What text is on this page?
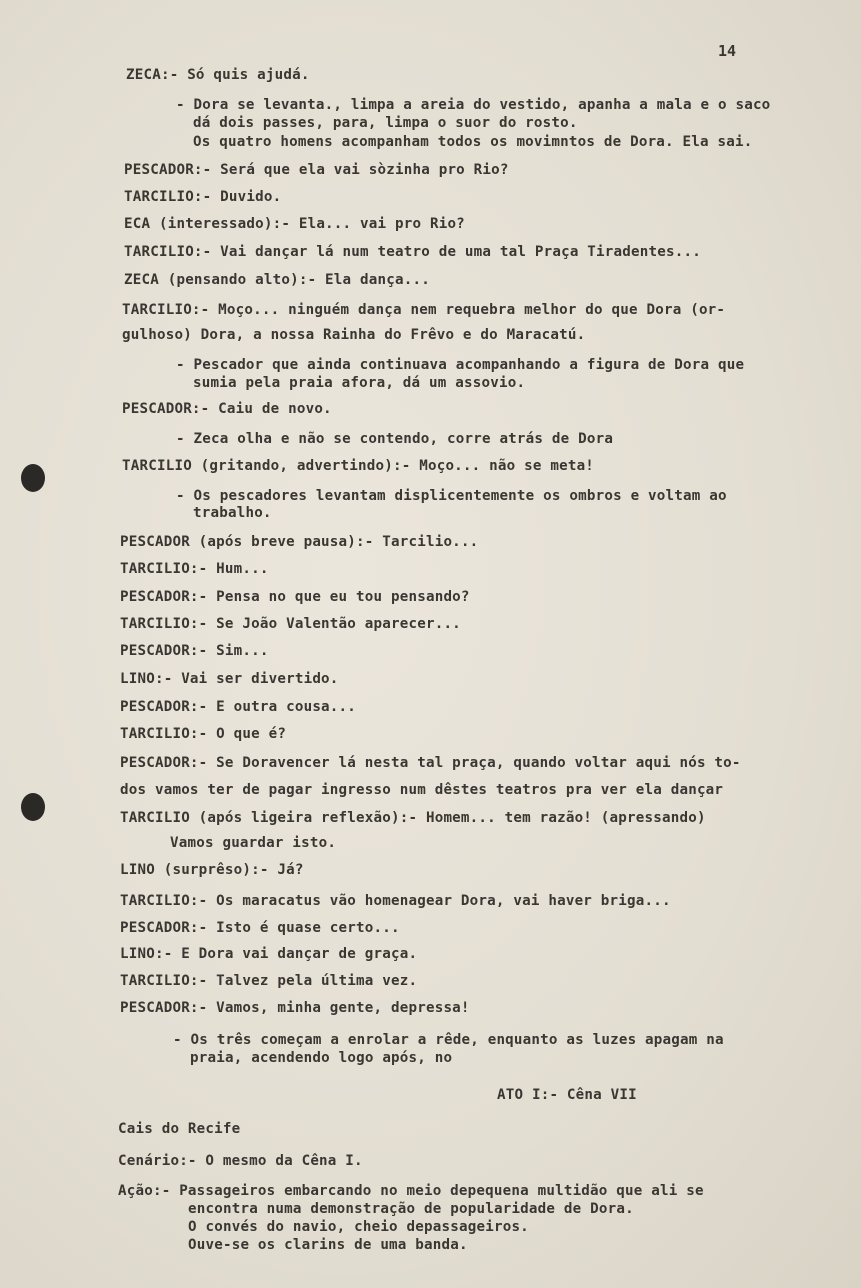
14
ZECA:- Só quis ajudá.
- Dora se levanta., limpa a areia do vestido, apanha a mala e o saco
dá dois passes, para, limpa o suor do rosto.
Os quatro homens acompanham todos os movimntos de Dora. Ela sai.
PESCADOR:- Será que ela vai sòzinha pro Rio?
TARCILIO:- Duvido.
ECA (interessado):- Ela... vai pro Rio?
TARCILIO:- Vai dançar lá num teatro de uma tal Praça Tiradentes...
ZECA (pensando alto):- Ela dança...
TARCILIO:- Moço... ninguém dança nem requebra melhor do que Dora (or-
gulhoso) Dora, a nossa Rainha do Frêvo e do Maracatú.
- Pescador que ainda continuava acompanhando a figura de Dora que
sumia pela praia afora, dá um assovio.
PESCADOR:- Caiu de novo.
- Zeca olha e não se contendo, corre atrás de Dora
TARCILIO (gritando, advertindo):- Moço... não se meta!
- Os pescadores levantam displicentemente os ombros e voltam ao
trabalho.
PESCADOR (após breve pausa):- Tarcilio...
TARCILIO:- Hum...
PESCADOR:- Pensa no que eu tou pensando?
TARCILIO:- Se João Valentão aparecer...
PESCADOR:- Sim...
LINO:- Vai ser divertido.
PESCADOR:- E outra cousa...
TARCILIO:- O que é?
PESCADOR:- Se Doravencer lá nesta tal praça, quando voltar aqui nós to-
dos vamos ter de pagar ingresso num dêstes teatros pra ver ela dançar
TARCILIO (após ligeira reflexão):- Homem... tem razão! (apressando)
Vamos guardar isto.
LINO (surprêso):- Já?
TARCILIO:- Os maracatus vão homenagear Dora, vai haver briga...
PESCADOR:- Isto é quase certo...
LINO:- E Dora vai dançar de graça.
TARCILIO:- Talvez pela última vez.
PESCADOR:- Vamos, minha gente, depressa!
- Os três começam a enrolar a rêde, enquanto as luzes apagam na
praia, acendendo logo após, no
ATO I:- Cêna VII
Cais do Recife
Cenário:- O mesmo da Cêna I.
Ação:- Passageiros embarcando no meio depequena multidão que ali se
encontra numa demonstração de popularidade de Dora.
O convés do navio, cheio depassageiros.
Ouve-se os clarins de uma banda.
